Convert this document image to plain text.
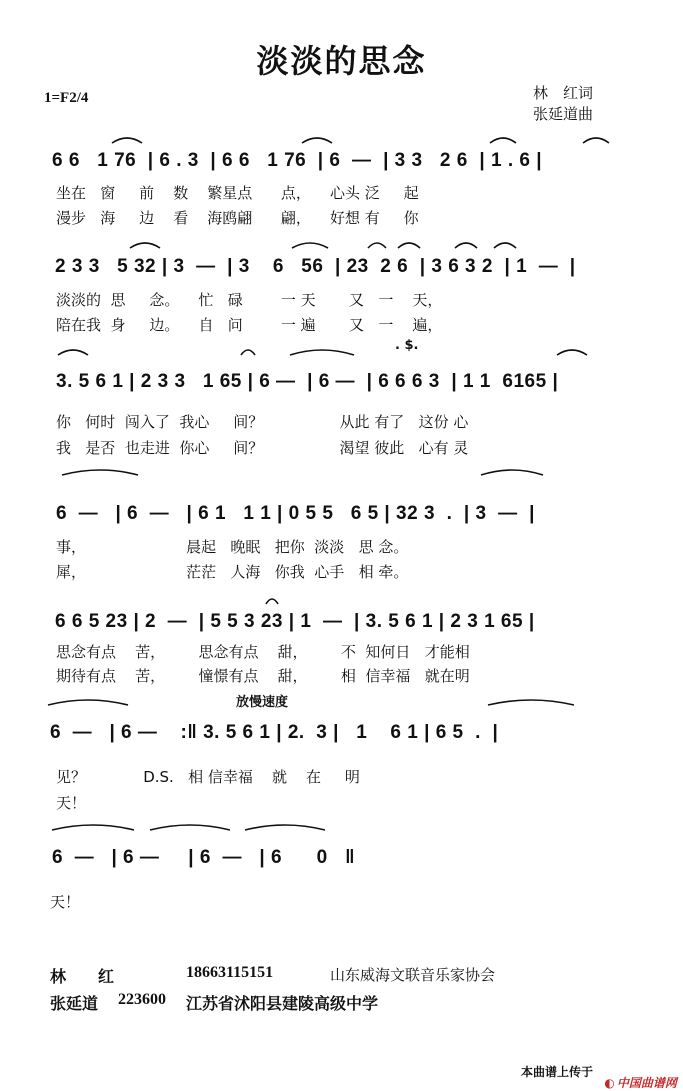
淡淡的思念
1=F2/4	林　红词
张延道曲
6 6   1 76  | 6 . 3  | 6 6   1 76  | 6  —  | 3 3   2 6  | 1 . 6 |
坐在   窗     前    数    繁星点      点，    心头 泛     起
漫步   海     边    看    海鸥翩      翩，    好想 有     你
2 3 3   5 32 | 3  —  | 3    6   56  | 23  2 6  | 3 6 3 2  | 1  —  |
淡淡的  思     念。    忙   碌        一 天       又   一    天，
陪在我  身     边。    自   问        一 遍       又   一    遍，
. $.
3. 5 6 1 | 2 3 3   1 65 | 6 —  | 6 —  | 6 6 6 3  | 1 1  6165 |
你   何时  闯入了  我心     间？                从此 有了   这份 心
我   是否  也走进  你心     间？                渴望 彼此   心有 灵
6  —   | 6  —   | 6 1   1 1 | 0 5 5   6 5 | 32 3  .  | 3  —  |
事，                     晨起   晚眠   把你  淡淡   思 念。
犀，                     茫茫   人海   你我  心手   相 牵。
6 6 5 23 | 2  —  | 5 5 3 23 | 1  —  | 3. 5 6 1 | 2 3 1 65 |
思念有点    苦，       思念有点    甜，       不  知何日   才能相
期待有点    苦，       憧憬有点    甜，       相  信幸福   就在明
放慢速度
6  —   | 6 —    :‖ 3. 5 6 1 | 2.  3 |   1    6 1 | 6 5  .  |
见？            D.S.   相 信幸福    就    在     明
天！
6  —   | 6 —     | 6  —   | 6      0   ‖
天！
林　　红	18663115151	山东威海文联音乐家协会
张延道 223600 江苏省沭阳县建陵高级中学
本曲谱上传于

◐ 中国曲谱网
